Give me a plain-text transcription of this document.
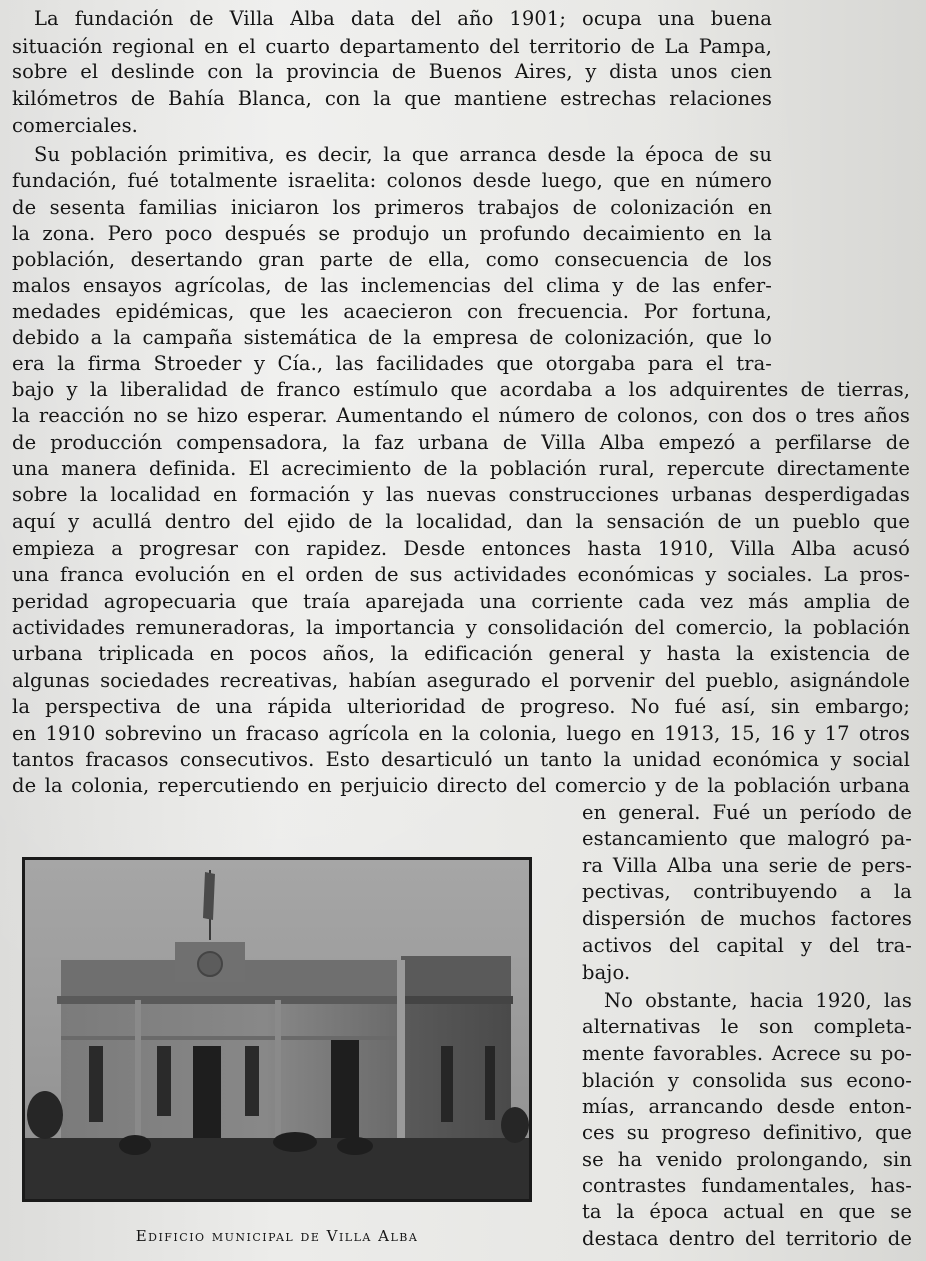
La fundación de Villa Alba data del año 1901; ocupa una buena
situación regional en el cuarto departamento del territorio de La Pampa,
sobre el deslinde con la provincia de Buenos Aires, y dista unos cien
kilómetros de Bahía Blanca, con la que mantiene estrechas relaciones
comerciales.
Su población primitiva, es decir, la que arranca desde la época de su
fundación, fué totalmente israelita: colonos desde luego, que en número
de sesenta familias iniciaron los primeros trabajos de colonización en
la zona. Pero poco después se produjo un profundo decaimiento en la
población, desertando gran parte de ella, como consecuencia de los
malos ensayos agrícolas, de las inclemencias del clima y de las enfer-
medades epidémicas, que les acaecieron con frecuencia. Por fortuna,
debido a la campaña sistemática de la empresa de colonización, que lo
era la firma Stroeder y Cía., las facilidades que otorgaba para el tra-
bajo y la liberalidad de franco estímulo que acordaba a los adquirentes de tierras,
la reacción no se hizo esperar. Aumentando el número de colonos, con dos o tres años
de producción compensadora, la faz urbana de Villa Alba empezó a perfilarse de
una manera definida. El acrecimiento de la población rural, repercute directamente
sobre la localidad en formación y las nuevas construcciones urbanas desperdigadas
aquí y acullá dentro del ejido de la localidad, dan la sensación de un pueblo que
empieza a progresar con rapidez. Desde entonces hasta 1910, Villa Alba acusó
una franca evolución en el orden de sus actividades económicas y sociales. La pros-
peridad agropecuaria que traía aparejada una corriente cada vez más amplia de
actividades remuneradoras, la importancia y consolidación del comercio, la población
urbana triplicada en pocos años, la edificación general y hasta la existencia de
algunas sociedades recreativas, habían asegurado el porvenir del pueblo, asignándole
la perspectiva de una rápida ulterioridad de progreso. No fué así, sin embargo;
en 1910 sobrevino un fracaso agrícola en la colonia, luego en 1913, 15, 16 y 17 otros
tantos fracasos consecutivos. Esto desarticuló un tanto la unidad económica y social
de la colonia, repercutiendo en perjuicio directo del comercio y de la población urbana
en general. Fué un período de
estancamiento que malogró pa-
ra Villa Alba una serie de pers-
pectivas, contribuyendo a la
dispersión de muchos factores
activos del capital y del tra-
bajo.
No obstante, hacia 1920, las
alternativas le son completa-
mente favorables. Acrece su po-
blación y consolida sus econo-
mías, arrancando desde enton-
ces su progreso definitivo, que
se ha venido prolongando, sin
contrastes fundamentales, has-
ta la época actual en que se
destaca dentro del territorio de
Edificio municipal de Villa Alba
